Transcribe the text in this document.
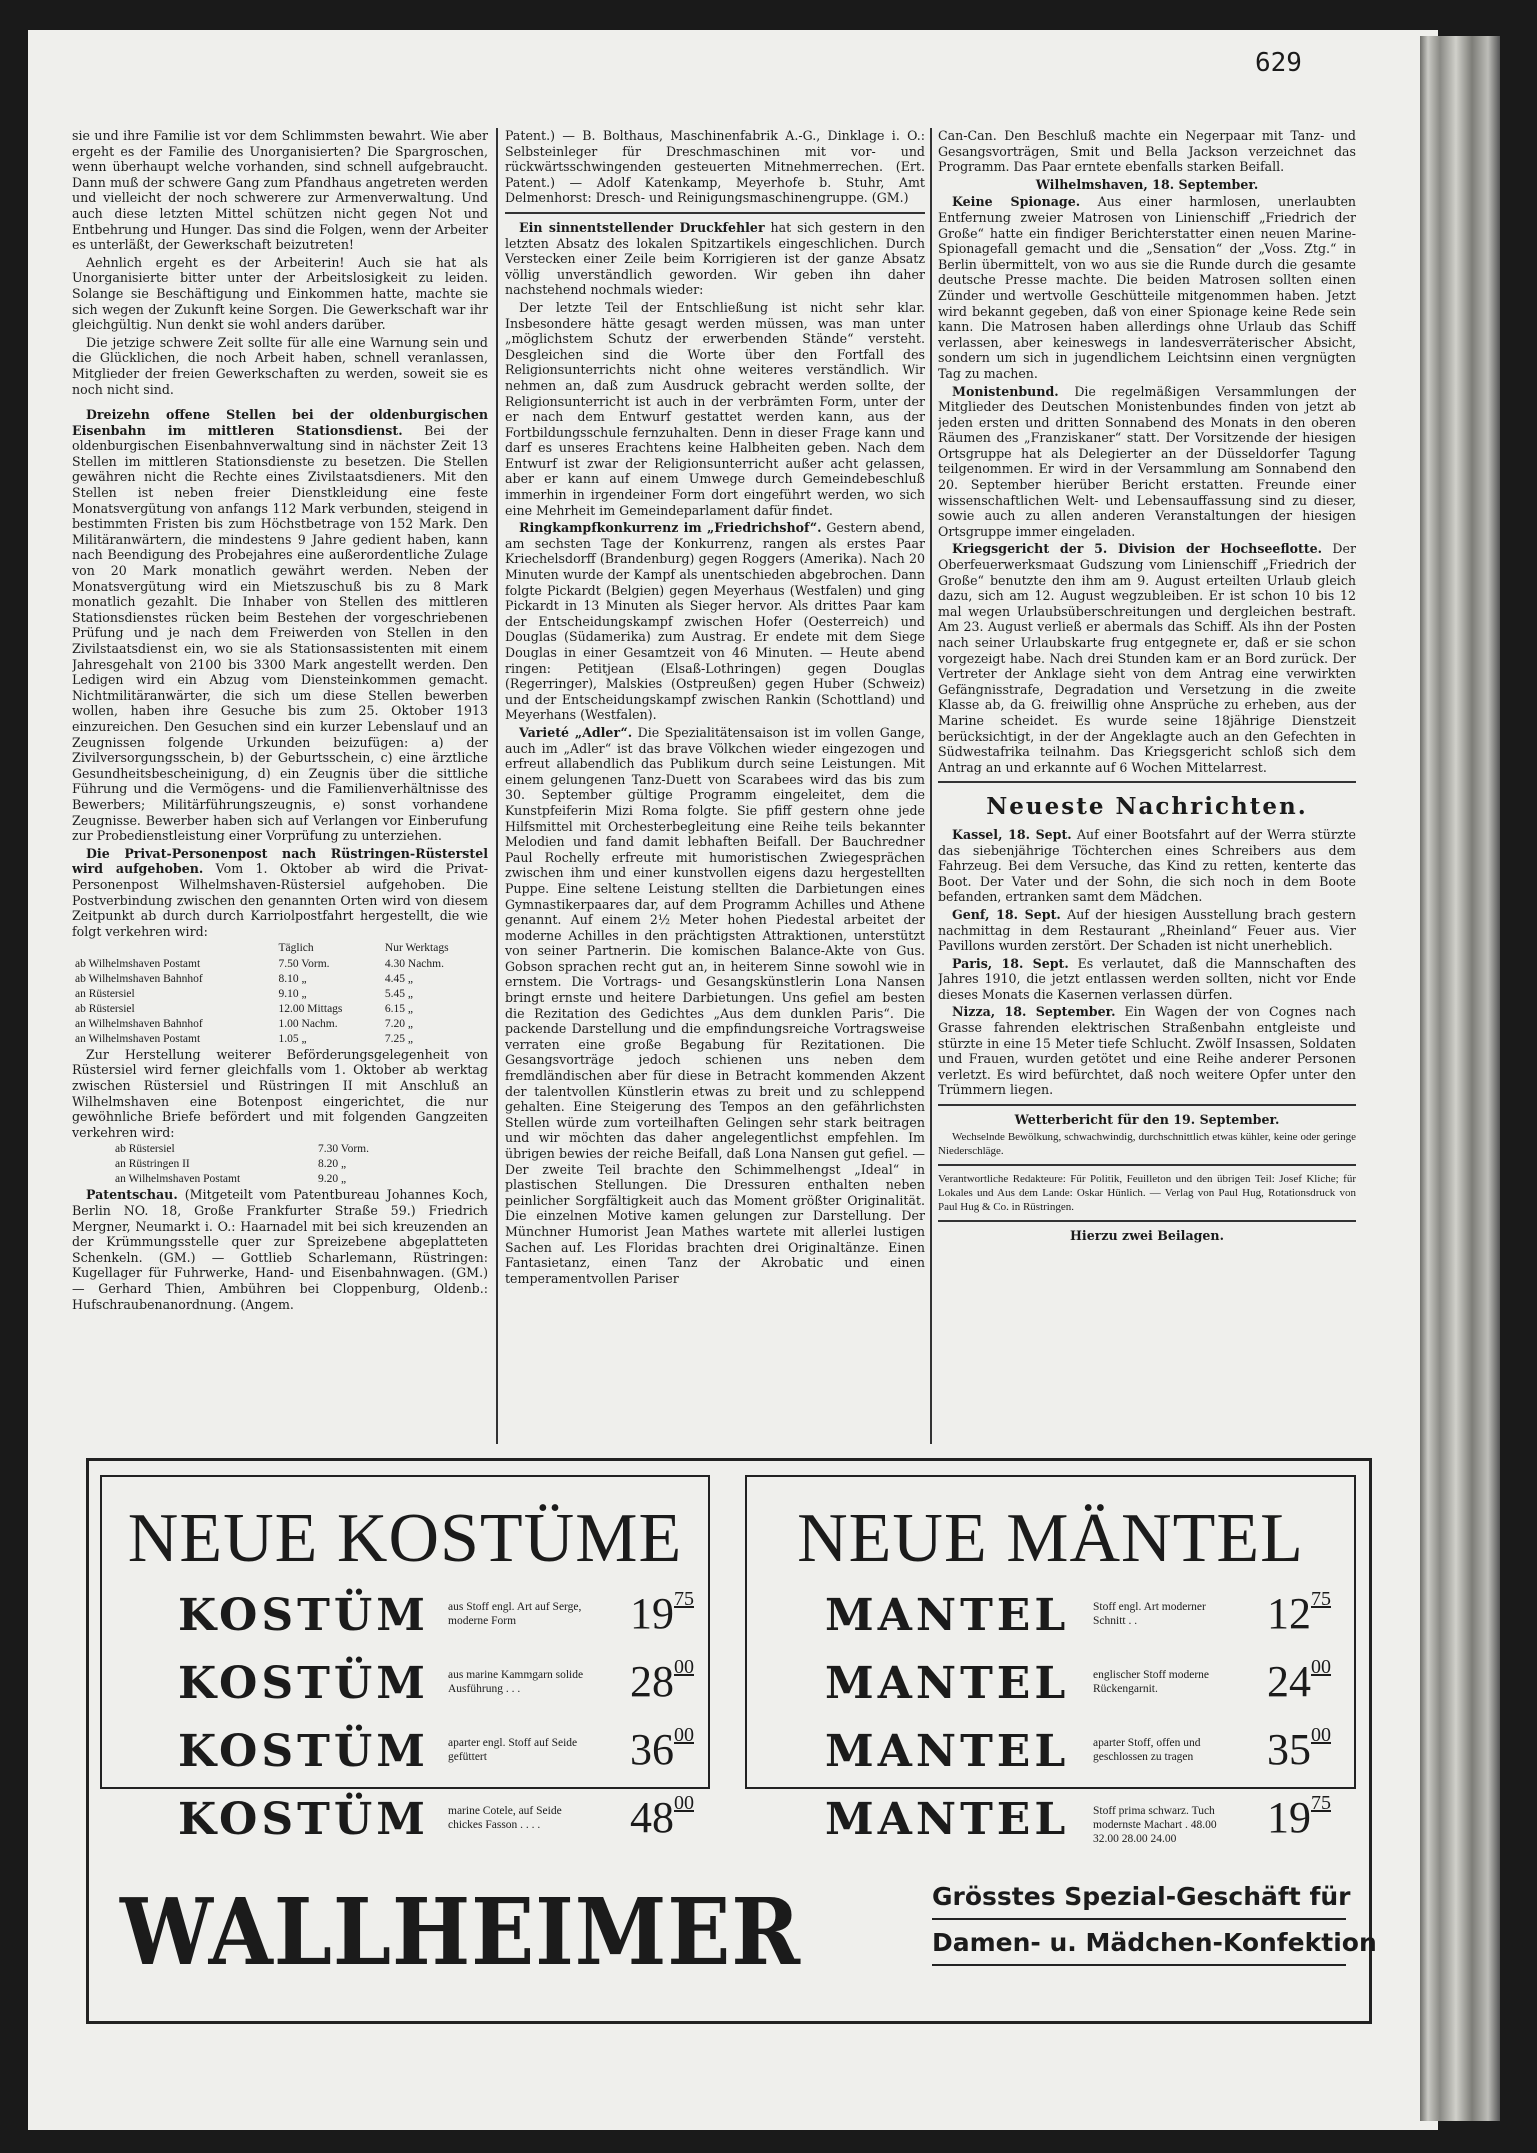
629

sie und ihre Familie ist vor dem Schlimmsten bewahrt. Wie aber ergeht es der Familie des Unorganisierten? Die Spargroschen, wenn überhaupt welche vorhanden, sind schnell aufgebraucht. Dann muß der schwere Gang zum Pfandhaus angetreten werden und vielleicht der noch schwerere zur Armenverwaltung. Und auch diese letzten Mittel schützen nicht gegen Not und Entbehrung und Hunger. Das sind die Folgen, wenn der Arbeiter es unterläßt, der Gewerkschaft beizutreten!

Aehnlich ergeht es der Arbeiterin! Auch sie hat als Unorganisierte bitter unter der Arbeitslosigkeit zu leiden. Solange sie Beschäftigung und Einkommen hatte, machte sie sich wegen der Zukunft keine Sorgen. Die Gewerkschaft war ihr gleichgültig. Nun denkt sie wohl anders darüber.

Die jetzige schwere Zeit sollte für alle eine Warnung sein und die Glücklichen, die noch Arbeit haben, schnell veranlassen, Mitglieder der freien Gewerkschaften zu werden, soweit sie es noch nicht sind.

Dreizehn offene Stellen bei der oldenburgischen Eisenbahn im mittleren Stationsdienst. Bei der oldenburgischen Eisenbahnverwaltung sind in nächster Zeit 13 Stellen im mittleren Stationsdienste zu besetzen. Die Stellen gewähren nicht die Rechte eines Zivilstaatsdieners. Mit den Stellen ist neben freier Dienstkleidung eine feste Monatsvergütung von anfangs 112 Mark verbunden, steigend in bestimmten Fristen bis zum Höchstbetrage von 152 Mark. Den Militäranwärtern, die mindestens 9 Jahre gedient haben, kann nach Beendigung des Probejahres eine außerordentliche Zulage von 20 Mark monatlich gewährt werden. Neben der Monatsvergütung wird ein Mietszuschuß bis zu 8 Mark monatlich gezahlt. Die Inhaber von Stellen des mittleren Stationsdienstes rücken beim Bestehen der vorgeschriebenen Prüfung und je nach dem Freiwerden von Stellen in den Zivilstaatsdienst ein, wo sie als Stationsassistenten mit einem Jahresgehalt von 2100 bis 3300 Mark angestellt werden. Den Ledigen wird ein Abzug vom Diensteinkommen gemacht. Nichtmilitäranwärter, die sich um diese Stellen bewerben wollen, haben ihre Gesuche bis zum 25. Oktober 1913 einzureichen. Den Gesuchen sind ein kurzer Lebenslauf und an Zeugnissen folgende Urkunden beizufügen: a) der Zivilversorgungsschein, b) der Geburtsschein, c) eine ärztliche Gesundheitsbescheinigung, d) ein Zeugnis über die sittliche Führung und die Vermögens- und die Familienverhältnisse des Bewerbers; Militärführungszeugnis, e) sonst vorhandene Zeugnisse. Bewerber haben sich auf Verlangen vor Einberufung zur Probedienstleistung einer Vorprüfung zu unterziehen.

Die Privat-Personenpost nach Rüstringen-Rüsterstel wird aufgehoben. Vom 1. Oktober ab wird die Privat-Personenpost Wilhelmshaven-Rüstersiel aufgehoben. Die Postverbindung zwischen den genannten Orten wird von diesem Zeitpunkt ab durch durch Karriolpostfahrt hergestellt, die wie folgt verkehren wird:

	Täglich	Nur Werktags
ab Wilhelmshaven Postamt	7.50 Vorm.	4.30 Nachm.
ab Wilhelmshaven Bahnhof	8.10 „	4.45 „
an Rüstersiel	9.10 „	5.45 „
ab Rüstersiel	12.00 Mittags	6.15 „
an Wilhelmshaven Bahnhof	1.00 Nachm.	7.20 „
an Wilhelmshaven Postamt	1.05 „	7.25 „

Zur Herstellung weiterer Beförderungsgelegenheit von Rüstersiel wird ferner gleichfalls vom 1. Oktober ab werktag zwischen Rüstersiel und Rüstringen II mit Anschluß an Wilhelmshaven eine Botenpost eingerichtet, die nur gewöhnliche Briefe befördert und mit folgenden Gangzeiten verkehren wird:

ab Rüstersiel	7.30 Vorm.
an Rüstringen II	8.20 „
an Wilhelmshaven Postamt	9.20 „

Patentschau. (Mitgeteilt vom Patentbureau Johannes Koch, Berlin NO. 18, Große Frankfurter Straße 59.) Friedrich Mergner, Neumarkt i. O.: Haarnadel mit bei sich kreuzenden an der Krümmungsstelle quer zur Spreizebene abgeplatteten Schenkeln. (GM.) — Gottlieb Scharlemann, Rüstringen: Kugellager für Fuhrwerke, Hand- und Eisenbahnwagen. (GM.) — Gerhard Thien, Ambühren bei Cloppenburg, Oldenb.: Hufschraubenanordnung. (Angem.

Patent.) — B. Bolthaus, Maschinenfabrik A.-G., Dinklage i. O.: Selbsteinleger für Dreschmaschinen mit vor- und rückwärtsschwingenden gesteuerten Mitnehmerrechen. (Ert. Patent.) — Adolf Katenkamp, Meyerhofe b. Stuhr, Amt Delmenhorst: Dresch- und Reinigungsmaschinengruppe. (GM.)

Ein sinnentstellender Druckfehler hat sich gestern in den letzten Absatz des lokalen Spitzartikels eingeschlichen. Durch Verstecken einer Zeile beim Korrigieren ist der ganze Absatz völlig unverständlich geworden. Wir geben ihn daher nachstehend nochmals wieder:

Der letzte Teil der Entschließung ist nicht sehr klar. Insbesondere hätte gesagt werden müssen, was man unter „möglichstem Schutz der erwerbenden Stände“ versteht. Desgleichen sind die Worte über den Fortfall des Religionsunterrichts nicht ohne weiteres verständlich. Wir nehmen an, daß zum Ausdruck gebracht werden sollte, der Religionsunterricht ist auch in der verbrämten Form, unter der er nach dem Entwurf gestattet werden kann, aus der Fortbildungsschule fernzuhalten. Denn in dieser Frage kann und darf es unseres Erachtens keine Halbheiten geben. Nach dem Entwurf ist zwar der Religionsunterricht außer acht gelassen, aber er kann auf einem Umwege durch Gemeindebeschluß immerhin in irgendeiner Form dort eingeführt werden, wo sich eine Mehrheit im Gemeindeparlament dafür findet.

Ringkampfkonkurrenz im „Friedrichshof“. Gestern abend, am sechsten Tage der Konkurrenz, rangen als erstes Paar Kriechelsdorff (Brandenburg) gegen Roggers (Amerika). Nach 20 Minuten wurde der Kampf als unentschieden abgebrochen. Dann folgte Pickardt (Belgien) gegen Meyerhaus (Westfalen) und ging Pickardt in 13 Minuten als Sieger hervor. Als drittes Paar kam der Entscheidungskampf zwischen Hofer (Oesterreich) und Douglas (Südamerika) zum Austrag. Er endete mit dem Siege Douglas in einer Gesamtzeit von 46 Minuten. — Heute abend ringen: Petitjean (Elsaß-Lothringen) gegen Douglas (Regerringer), Malskies (Ostpreußen) gegen Huber (Schweiz) und der Entscheidungskampf zwischen Rankin (Schottland) und Meyerhans (Westfalen).

Varieté „Adler“. Die Spezialitätensaison ist im vollen Gange, auch im „Adler“ ist das brave Völkchen wieder eingezogen und erfreut allabendlich das Publikum durch seine Leistungen. Mit einem gelungenen Tanz-Duett von Scarabees wird das bis zum 30. September gültige Programm eingeleitet, dem die Kunstpfeiferin Mizi Roma folgte. Sie pfiff gestern ohne jede Hilfsmittel mit Orchesterbegleitung eine Reihe teils bekannter Melodien und fand damit lebhaften Beifall. Der Bauchredner Paul Rochelly erfreute mit humoristischen Zwiegesprächen zwischen ihm und einer kunstvollen eigens dazu hergestellten Puppe. Eine seltene Leistung stellten die Darbietungen eines Gymnastikerpaares dar, auf dem Programm Achilles und Athene genannt. Auf einem 2½ Meter hohen Piedestal arbeitet der moderne Achilles in den prächtigsten Attraktionen, unterstützt von seiner Partnerin. Die komischen Balance-Akte von Gus. Gobson sprachen recht gut an, in heiterem Sinne sowohl wie in ernstem. Die Vortrags- und Gesangskünstlerin Lona Nansen bringt ernste und heitere Darbietungen. Uns gefiel am besten die Rezitation des Gedichtes „Aus dem dunklen Paris“. Die packende Darstellung und die empfindungsreiche Vortragsweise verraten eine große Begabung für Rezitationen. Die Gesangsvorträge jedoch schienen uns neben dem fremdländischen aber für diese in Betracht kommenden Akzent der talentvollen Künstlerin etwas zu breit und zu schleppend gehalten. Eine Steigerung des Tempos an den gefährlichsten Stellen würde zum vorteilhaften Gelingen sehr stark beitragen und wir möchten das daher angelegentlichst empfehlen. Im übrigen bewies der reiche Beifall, daß Lona Nansen gut gefiel. — Der zweite Teil brachte den Schimmelhengst „Ideal“ in plastischen Stellungen. Die Dressuren enthalten neben peinlicher Sorgfältigkeit auch das Moment größter Originalität. Die einzelnen Motive kamen gelungen zur Darstellung. Der Münchner Humorist Jean Mathes wartete mit allerlei lustigen Sachen auf. Les Floridas brachten drei Originaltänze. Einen Fantasietanz, einen Tanz der Akrobatic und einen temperamentvollen Pariser

Can-Can. Den Beschluß machte ein Negerpaar mit Tanz- und Gesangsvorträgen, Smit und Bella Jackson verzeichnet das Programm. Das Paar erntete ebenfalls starken Beifall.

Wilhelmshaven, 18. September.

Keine Spionage. Aus einer harmlosen, unerlaubten Entfernung zweier Matrosen von Linienschiff „Friedrich der Große“ hatte ein findiger Berichterstatter einen neuen Marine-Spionagefall gemacht und die „Sensation“ der „Voss. Ztg.“ in Berlin übermittelt, von wo aus sie die Runde durch die gesamte deutsche Presse machte. Die beiden Matrosen sollten einen Zünder und wertvolle Geschütteile mitgenommen haben. Jetzt wird bekannt gegeben, daß von einer Spionage keine Rede sein kann. Die Matrosen haben allerdings ohne Urlaub das Schiff verlassen, aber keineswegs in landesverräterischer Absicht, sondern um sich in jugendlichem Leichtsinn einen vergnügten Tag zu machen.

Monistenbund. Die regelmäßigen Versammlungen der Mitglieder des Deutschen Monistenbundes finden von jetzt ab jeden ersten und dritten Sonnabend des Monats in den oberen Räumen des „Franziskaner“ statt. Der Vorsitzende der hiesigen Ortsgruppe hat als Delegierter an der Düsseldorfer Tagung teilgenommen. Er wird in der Versammlung am Sonnabend den 20. September hierüber Bericht erstatten. Freunde einer wissenschaftlichen Welt- und Lebensauffassung sind zu dieser, sowie auch zu allen anderen Veranstaltungen der hiesigen Ortsgruppe immer eingeladen.

Kriegsgericht der 5. Division der Hochseeflotte. Der Oberfeuerwerksmaat Gudszung vom Linienschiff „Friedrich der Große“ benutzte den ihm am 9. August erteilten Urlaub gleich dazu, sich am 12. August wegzubleiben. Er ist schon 10 bis 12 mal wegen Urlaubsüberschreitungen und dergleichen bestraft. Am 23. August verließ er abermals das Schiff. Als ihn der Posten nach seiner Urlaubskarte frug entgegnete er, daß er sie schon vorgezeigt habe. Nach drei Stunden kam er an Bord zurück. Der Vertreter der Anklage sieht von dem Antrag eine verwirkten Gefängnisstrafe, Degradation und Versetzung in die zweite Klasse ab, da G. freiwillig ohne Ansprüche zu erheben, aus der Marine scheidet. Es wurde seine 18jährige Dienstzeit berücksichtigt, in der der Angeklagte auch an den Gefechten in Südwestafrika teilnahm. Das Kriegsgericht schloß sich dem Antrag an und erkannte auf 6 Wochen Mittelarrest.

Neueste Nachrichten.

Kassel, 18. Sept. Auf einer Bootsfahrt auf der Werra stürzte das siebenjährige Töchterchen eines Schreibers aus dem Fahrzeug. Bei dem Versuche, das Kind zu retten, kenterte das Boot. Der Vater und der Sohn, die sich noch in dem Boote befanden, ertranken samt dem Mädchen.

Genf, 18. Sept. Auf der hiesigen Ausstellung brach gestern nachmittag in dem Restaurant „Rheinland“ Feuer aus. Vier Pavillons wurden zerstört. Der Schaden ist nicht unerheblich.

Paris, 18. Sept. Es verlautet, daß die Mannschaften des Jahres 1910, die jetzt entlassen werden sollten, nicht vor Ende dieses Monats die Kasernen verlassen dürfen.

Nizza, 18. September. Ein Wagen der von Cognes nach Grasse fahrenden elektrischen Straßenbahn entgleiste und stürzte in eine 15 Meter tiefe Schlucht. Zwölf Insassen, Soldaten und Frauen, wurden getötet und eine Reihe anderer Personen verletzt. Es wird befürchtet, daß noch weitere Opfer unter den Trümmern liegen.

Wetterbericht für den 19. September.

Wechselnde Bewölkung, schwachwindig, durchschnittlich etwas kühler, keine oder geringe Niederschläge.

Verantwortliche Redakteure: Für Politik, Feuilleton und den übrigen Teil: Josef Kliche; für Lokales und Aus dem Lande: Oskar Hünlich. — Verlag von Paul Hug, Rotationsdruck von Paul Hug & Co. in Rüstringen.

Hierzu zwei Beilagen.

NEUE KOSTÜME	NEUE MÄNTEL
KOSTÜM aus Stoff engl. Art auf Serge, moderne Form	$19^{75}$
KOSTÜM aus marine Kammgarn solide Ausführung . . .	$28^{00}$
KOSTÜM aparter engl. Stoff auf Seide gefüttert	$36^{00}$
KOSTÜM marine Cotele, auf Seide chickes Fasson . . . .	$48^{00}$
MANTEL Stoff engl. Art moderner Schnitt . .	$12^{75}$
MANTEL englischer Stoff moderne Rückengarnit.	$24^{00}$
MANTEL aparter Stoff, offen und geschlossen zu tragen	$35^{00}$
MANTEL Stoff prima schwarz. Tuch modernste Machart . 48.00 32.00 28.00 24.00	$19^{75}$
WALLHEIMER	Grösstes Spezial-Geschäft für
Damen- u. Mädchen-Konfektion
